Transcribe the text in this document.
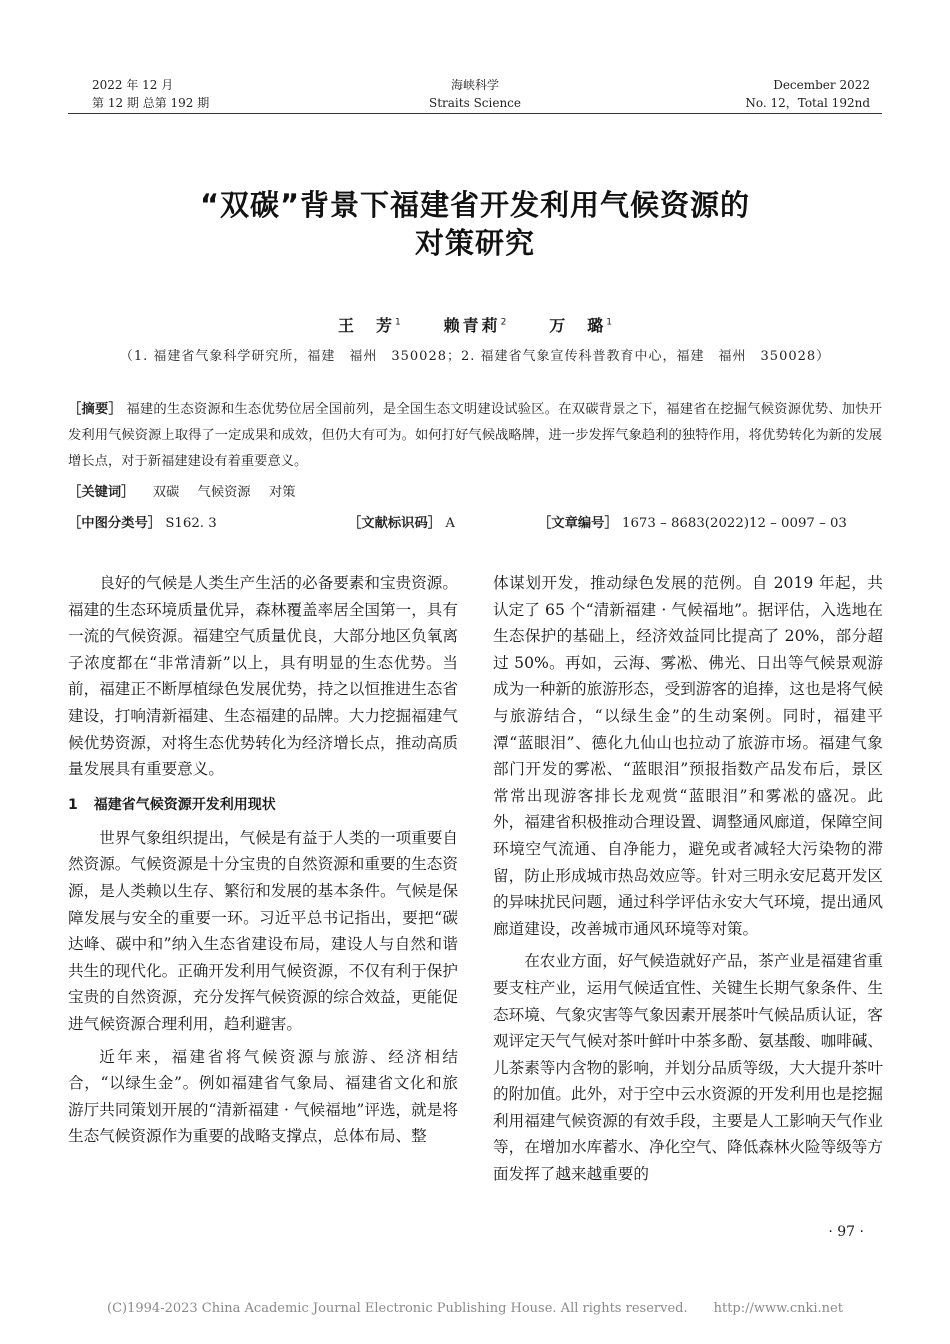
2022 年 12 月
第 12 期 总第 192 期
海峡科学
Straits Science
December 2022
No. 12，Total 192nd
“双碳”背景下福建省开发利用气候资源的
对策研究
王　芳$^1$	赖青莉$^2$	万　璐$^1$
（1. 福建省气象科学研究所，福建　福州　350028；2. 福建省气象宣传科普教育中心，福建　福州　350028）
［摘要］ 福建的生态资源和生态优势位居全国前列，是全国生态文明建设试验区。在双碳背景之下，福建省在挖掘气候资源优势、加快开发利用气候资源上取得了一定成果和成效，但仍大有可为。如何打好气候战略牌，进一步发挥气象趋利的独特作用，将优势转化为新的发展增长点，对于新福建建设有着重要意义。
［关键词］ 双碳 气候资源 对策
［中图分类号］ S162. 3	［文献标识码］ A	［文章编号］ 1673 – 8683(2022)12 – 0097 – 03

良好的气候是人类生产生活的必备要素和宝贵资源。福建的生态环境质量优异，森林覆盖率居全国第一，具有一流的气候资源。福建空气质量优良，大部分地区负氧离子浓度都在“非常清新”以上，具有明显的生态优势。当前，福建正不断厚植绿色发展优势，持之以恒推进生态省建设，打响清新福建、生态福建的品牌。大力挖掘福建气候优势资源，对将生态优势转化为经济增长点，推动高质量发展具有重要意义。

1 福建省气候资源开发利用现状

世界气象组织提出，气候是有益于人类的一项重要自然资源。气候资源是十分宝贵的自然资源和重要的生态资源，是人类赖以生存、繁衍和发展的基本条件。气候是保障发展与安全的重要一环。习近平总书记指出，要把“碳达峰、碳中和”纳入生态省建设布局，建设人与自然和谐共生的现代化。正确开发利用气候资源，不仅有利于保护宝贵的自然资源，充分发挥气候资源的综合效益，更能促进气候资源合理利用，趋利避害。

近年来，福建省将气候资源与旅游、经济相结合，“以绿生金”。例如福建省气象局、福建省文化和旅游厅共同策划开展的“清新福建 · 气候福地”评选，就是将生态气候资源作为重要的战略支撑点，总体布局、整

体谋划开发，推动绿色发展的范例。自 2019 年起，共认定了 65 个“清新福建 · 气候福地”。据评估，入选地在生态保护的基础上，经济效益同比提高了 20%，部分超过 50%。再如，云海、雾凇、佛光、日出等气候景观游成为一种新的旅游形态，受到游客的追捧，这也是将气候与旅游结合，“以绿生金”的生动案例。同时，福建平潭“蓝眼泪”、德化九仙山也拉动了旅游市场。福建气象部门开发的雾凇、“蓝眼泪”预报指数产品发布后，景区常常出现游客排长龙观赏“蓝眼泪”和雾凇的盛况。此外，福建省积极推动合理设置、调整通风廊道，保障空间环境空气流通、自净能力，避免或者减轻大污染物的滞留，防止形成城市热岛效应等。针对三明永安尼葛开发区的异味扰民问题，通过科学评估永安大气环境，提出通风廊道建设，改善城市通风环境等对策。

在农业方面，好气候造就好产品，茶产业是福建省重要支柱产业，运用气候适宜性、关键生长期气象条件、生态环境、气象灾害等气象因素开展茶叶气候品质认证，客观评定天气气候对茶叶鲜叶中茶多酚、氨基酸、咖啡碱、儿茶素等内含物的影响，并划分品质等级，大大提升茶叶的附加值。此外，对于空中云水资源的开发利用也是挖掘利用福建气候资源的有效手段，主要是人工影响天气作业等，在增加水库蓄水、净化空气、降低森林火险等级等方面发挥了越来越重要的

· 97 ·
(C)1994-2023 China Academic Journal Electronic Publishing House. All rights reserved.　　http://www.cnki.net
